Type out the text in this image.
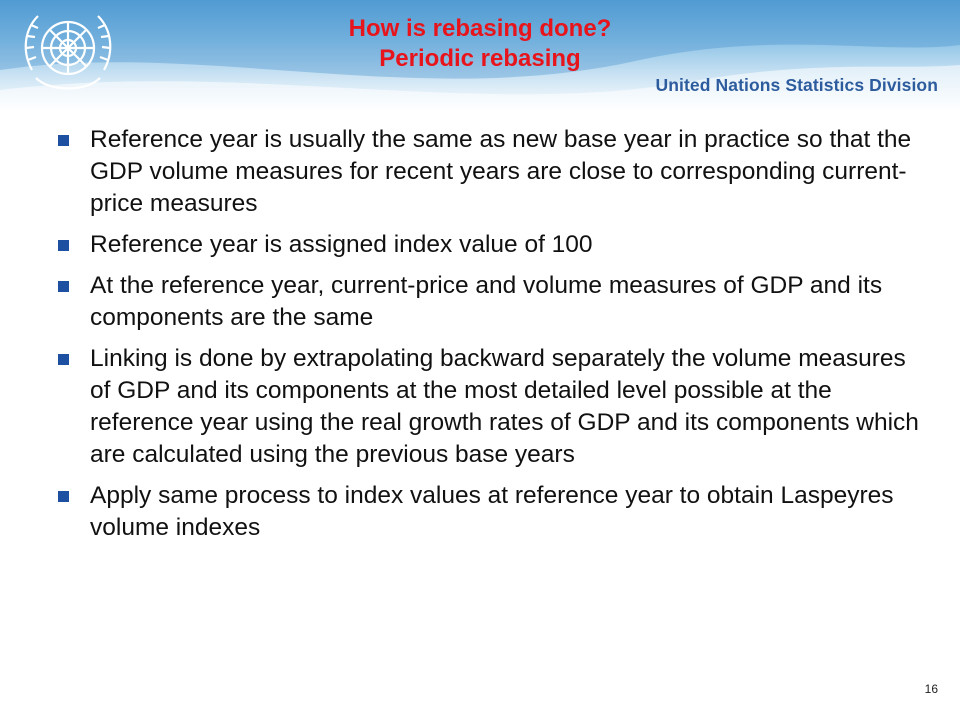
How is rebasing done?
Periodic rebasing
United Nations Statistics Division
Reference year is usually the same as new base year in practice so that the GDP volume measures for recent years are close to corresponding current-price measures
Reference year is assigned index value of 100
At the reference year, current-price and volume measures of GDP and its components are the same
Linking is done by extrapolating backward separately the volume measures of GDP and its components at the most detailed level possible at the reference year using the real growth rates of GDP and its components which are calculated using the previous base years
Apply same process to index values at reference year to obtain Laspeyres volume indexes
16
